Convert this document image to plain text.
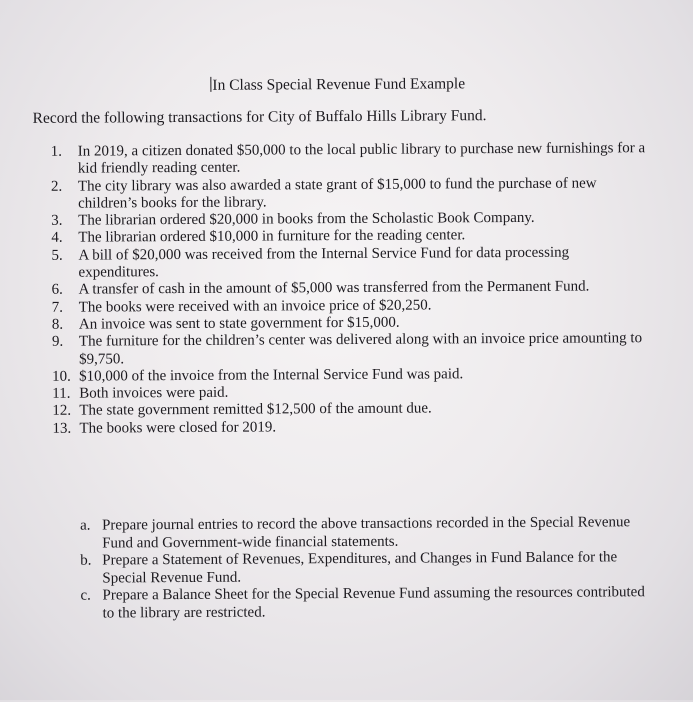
In Class Special Revenue Fund Example
Record the following transactions for City of Buffalo Hills Library Fund.
1.	In 2019, a citizen donated $50,000 to the local public library to purchase new furnishings for a kid friendly reading center.
2.	The city library was also awarded a state grant of $15,000 to fund the purchase of new children’s books for the library.
3.	The librarian ordered $20,000 in books from the Scholastic Book Company.
4.	The librarian ordered $10,000 in furniture for the reading center.
5.	A bill of $20,000 was received from the Internal Service Fund for data processing expenditures.
6.	A transfer of cash in the amount of $5,000 was transferred from the Permanent Fund.
7.	The books were received with an invoice price of $20,250.
8.	An invoice was sent to state government for $15,000.
9.	The furniture for the children’s center was delivered along with an invoice price amounting to $9,750.
10. $10,000 of the invoice from the Internal Service Fund was paid.
11. Both invoices were paid.
12. The state government remitted $12,500 of the amount due.
13. The books were closed for 2019.
a. Prepare journal entries to record the above transactions recorded in the Special Revenue Fund and Government-wide financial statements.
b. Prepare a Statement of Revenues, Expenditures, and Changes in Fund Balance for the Special Revenue Fund.
c. Prepare a Balance Sheet for the Special Revenue Fund assuming the resources contributed to the library are restricted.
